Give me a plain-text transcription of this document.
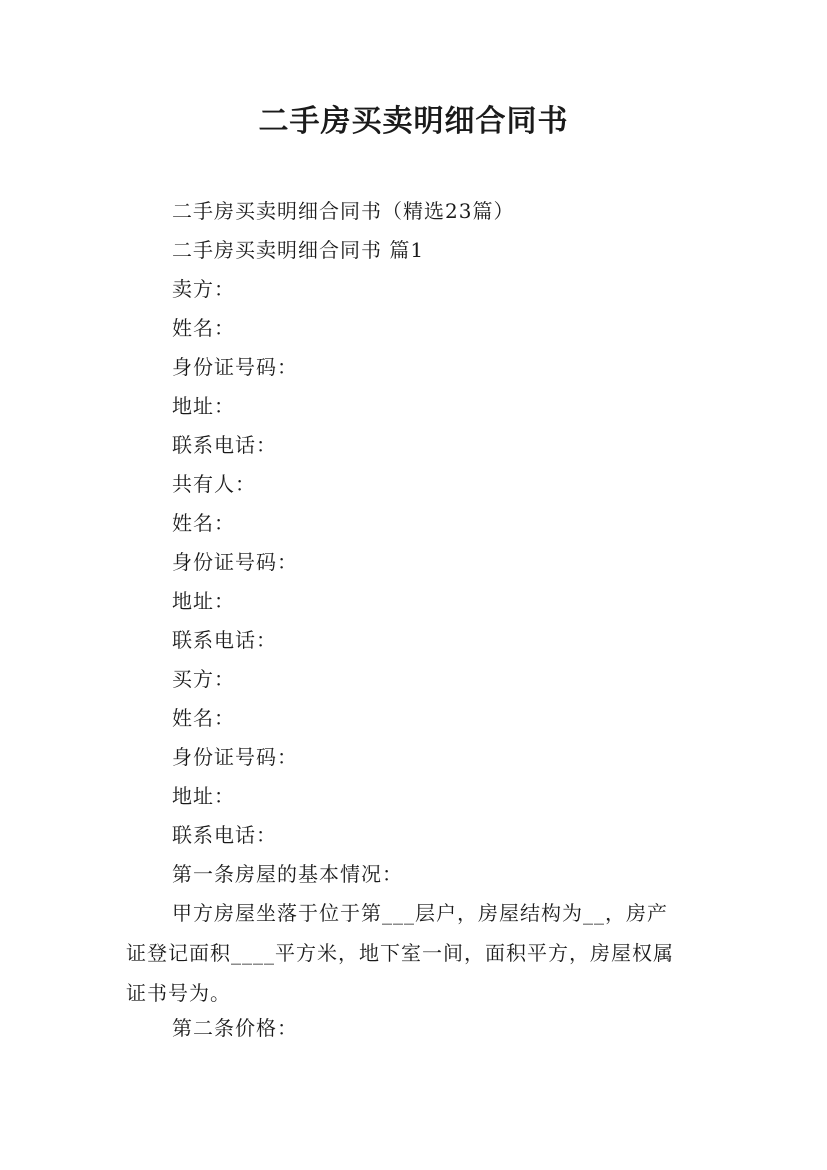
二手房买卖明细合同书
二手房买卖明细合同书（精选23篇）
二手房买卖明细合同书 篇1
卖方：
姓名：
身份证号码：
地址：
联系电话：
共有人：
姓名：
身份证号码：
地址：
联系电话：
买方：
姓名：
身份证号码：
地址：
联系电话：
第一条房屋的基本情况：
甲方房屋坐落于位于第___层户，房屋结构为__，房产
证登记面积____平方米，地下室一间，面积平方，房屋权属
证书号为。
第二条价格：
